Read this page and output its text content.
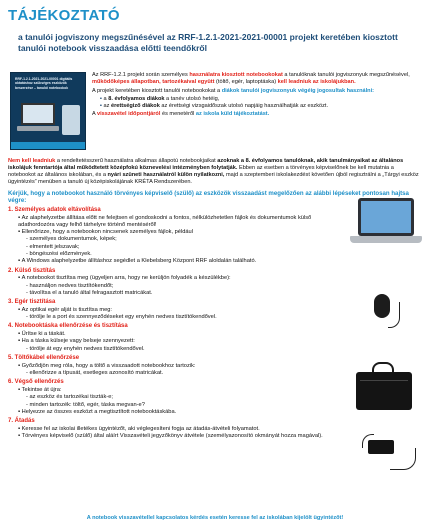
TÁJÉKOZTATÓ
a tanulói jogviszony megszűnésével az RRF-1.2.1-2021-2021-00001 projekt keretében kiosztott tanulói notebook visszaadása előtti teendőkről
RRF-1.2.1-2021-2021-00001 digitális oktatáshoz szükséges eszközök beszerzése – tanulói notebookok

Az RRF-1.2.1 projekt során személyes használatra kiosztott notebookokat a tanulóknak tanulói jogviszonyuk megszűnésével, működőképes állapotban, tartozékaival együtt (töltő, egér, laptoptáska) kell leadniuk az iskolájukban.

A projekt keretében kiosztott tanulói notebookokat a diákok tanulói jogviszonyuk végéig jogosultak használni:

▪ a 8. évfolyamos diákok a tanév utolsó hetéig,
▪ az érettségiző diákok az érettségi vizsgaidőszak utolsó napjáig használhatják az eszközt.

A visszavétel időpontjáról és menetéről az iskola küld tájékoztatást.

Nem kell leadniuk a rendeltetésszerű használatra alkalmas állapotú notebookjaikat azoknak a 8. évfolyamos tanulóknak, akik tanulmányaikat az általános iskolájuk fenntartója által működtetett középfokú köznevelési intézményben folytatják. Ebben az esetben a törvényes képviselőnek be kell mutatnia a notebookot az általános iskolában, és a nyári szüneti használatról külön nyilatkozni, majd a szeptemberi iskolakezdést követően újból regisztrálni a „Tárgyi eszköz ügyintézés” menüben a tanuló új középiskolájának KRÉTA Rendszerében.
Kérjük, hogy a notebookot használó törvényes képviselő (szülő) az eszközök visszaadást megelőzően az alábbi lépéseket pontosan hajtsa végre:
1. Személyes adatok eltávolítása
▪ Az alaphelyzetbe állítása előtt ne felejtsen el gondoskodni a fontos, nélkülözhetetlen fájlok és dokumentumok külső adathordozóra vagy felhő tárhelyre történő mentéséről!
▪ Ellenőrizze, hogy a notebookon nincsenek személyes fájlok, például
- személyes dokumentumok, képek;
- elmentett jelszavak;
- böngészési előzmények.
▪ A Windows alaphelyzetbe állításhoz segédlet a Klebelsberg Központ RRF aloldalán található.
2. Külső tisztítás
▪ A notebookot tisztítsa meg (ügyeljen arra, hogy ne kerüljön folyadék a készülékbe):
- használjon nedves tisztítókendőt;
- távolítsa el a tanuló által felragasztott matricákat.
3. Egér tisztítása
▪ Az optikai egér alját is tisztítsa meg:
- törölje le a port és szennyeződéseket egy enyhén nedves tisztítókendővel.
4. Notebooktáska ellenőrzése és tisztítása
▪ Ürítse ki a táskát.
▪ Ha a táska külseje vagy belseje szennyezett:
- törölje át egy enyhén nedves tisztítókendővel.
5. Töltőkábel ellenőrzése
▪ Győződjön meg róla, hogy a töltő a visszaadott notebookhoz tartozik:
- ellenőrizze a típusát, esetleges azonosító matricákat.
6. Végső ellenőrzés
▪ Tekintse át újra:
- az eszköz és tartozékai tiszták-e;
- minden tartozék: töltő, egér, táska megvan-e?
▪ Helyezze az összes eszközt a megtisztított notebooktáskába.
7. Átadás
▪ Keresse fel az iskolai illetékes ügyintézőt, aki véglegesíteni fogja az átadás-átvételi folyamatot.
▪ Törvényes képviselő (szülő) által aláírt Visszavételi jegyzőkönyv átvétele (személyazonosító okmányát hozza magával).
A notebook visszavétellel kapcsolatos kérdés esetén keresse fel az iskolában kijelölt ügyintézőt!
